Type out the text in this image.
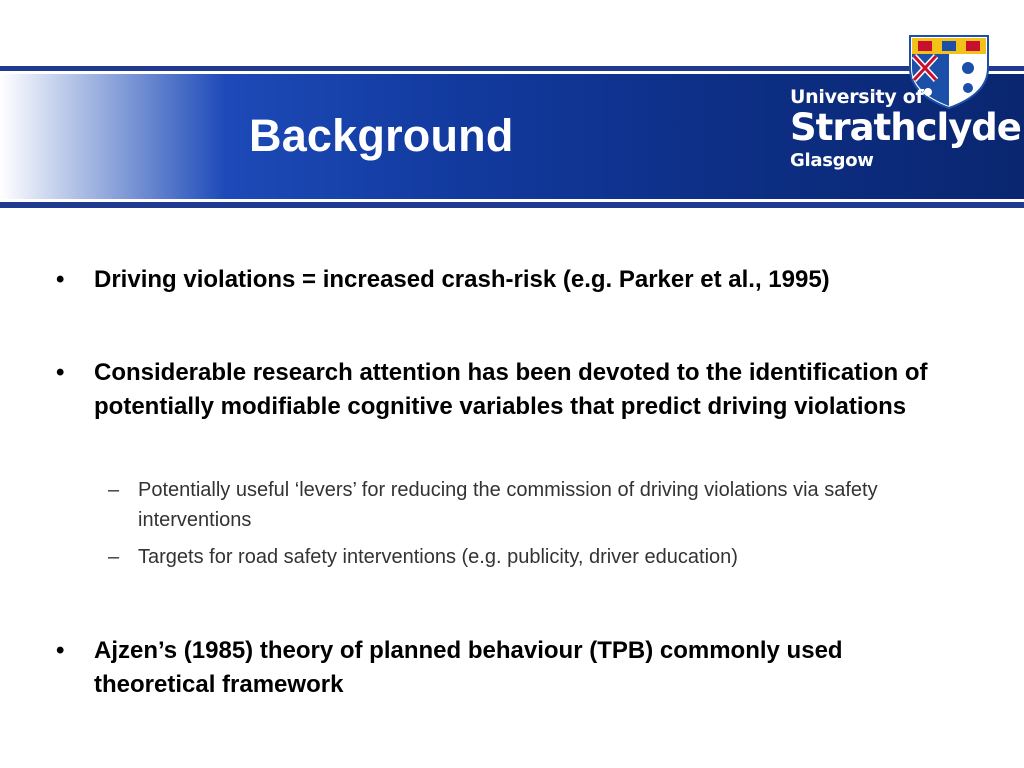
Background
University of
Strathclyde
Glasgow
•	Driving violations = increased crash-risk (e.g. Parker et al., 1995)
•	Considerable research attention has been devoted to the identification of potentially modifiable cognitive variables that predict driving violations
– Potentially useful ‘levers’ for reducing the commission of driving violations via safety interventions
– Targets for road safety interventions (e.g. publicity, driver education)
•	Ajzen’s (1985) theory of planned behaviour (TPB) commonly used theoretical framework
